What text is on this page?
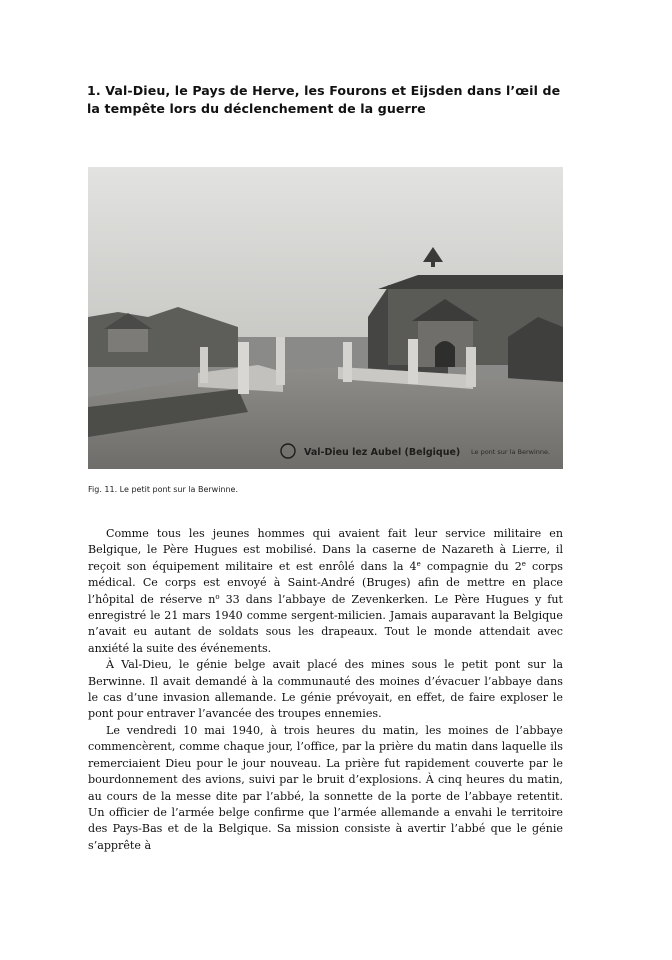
1. Val-Dieu, le Pays de Herve, les Fourons et Eijsden dans l’œil de la tempête lors du déclenchement de la guerre
Val-Dieu lez Aubel (Belgique) Le pont sur la Berwinne.
Fig. 11. Le petit pont sur la Berwinne.

Comme tous les jeunes hommes qui avaient fait leur service militaire en Belgique, le Père Hugues est mobilisé. Dans la caserne de Nazareth à Lierre, il reçoit son équipement militaire et est enrôlé dans la 4e compagnie du 2e corps médical. Ce corps est envoyé à Saint-André (Bruges) afin de mettre en place l’hôpital de réserve $n^o$ 33 dans l’abbaye de Zevenkerken. Le Père Hugues y fut enregistré le 21 mars 1940 comme sergent-milicien. Jamais auparavant la Belgique n’avait eu autant de soldats sous les drapeaux. Tout le monde attendait avec anxiété la suite des événements.

À Val-Dieu, le génie belge avait placé des mines sous le petit pont sur la Berwinne. Il avait demandé à la communauté des moines d’évacuer l’abbaye dans le cas d’une invasion allemande. Le génie prévoyait, en effet, de faire exploser le pont pour entraver l’avancée des troupes ennemies.

Le vendredi 10 mai 1940, à trois heures du matin, les moines de l’abbaye commencèrent, comme chaque jour, l’office, par la prière du matin dans laquelle ils remerciaient Dieu pour le jour nouveau. La prière fut rapidement couverte par le bourdonnement des avions, suivi par le bruit d’explosions. À cinq heures du matin, au cours de la messe dite par l’abbé, la sonnette de la porte de l’abbaye retentit. Un officier de l’armée belge confirme que l’armée allemande a envahi le territoire des Pays-Bas et de la Belgique. Sa mission consiste à avertir l’abbé que le génie s’apprête à
